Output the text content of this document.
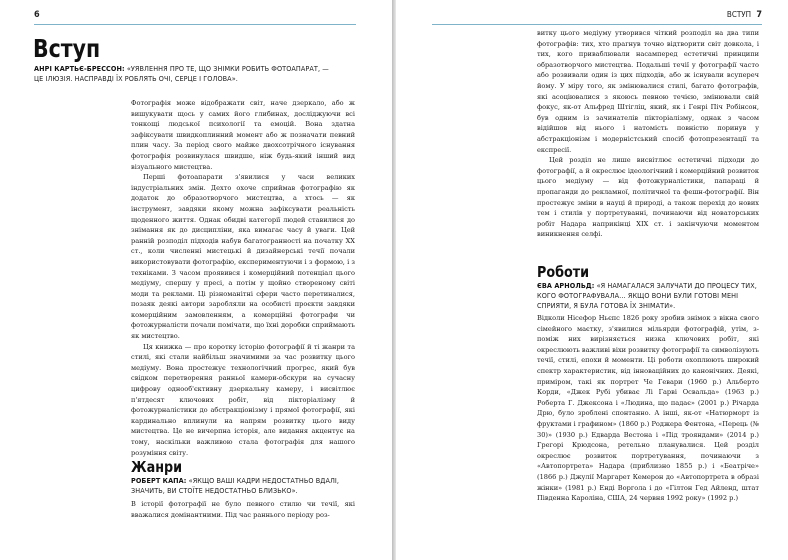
6
Вступ
АНРІ КАРТЬЄ-БРЕССОН: «УЯВЛЕННЯ ПРО ТЕ, ЩО ЗНІМКИ РОБИТЬ ФОТОАПАРАТ, — ЦЕ ІЛЮЗІЯ. НАСПРАВДІ ЇХ РОБЛЯТЬ ОЧІ, СЕРЦЕ І ГОЛОВА».

Фотографія може відображати світ, наче дзеркало, або ж вишукувати щось у самих його глибинах, досліджуючи всі тонкощі людської психології та емоцій. Вона здатна зафіксувати швидкоплинний момент або ж позначати певний плин часу. За період свого майже двохсотрічного існування фотографія розвинулася швидше, ніж будь-який інший вид візуального мистецтва.

Перші фотоапарати з'явилися у часи великих індустріальних змін. Дехто охоче сприймав фотографію як додаток до образотворчого мистецтва, а хтось — як інструмент, завдяки якому можна зафіксувати реальність щоденного життя. Однак обидві категорії людей ставилися до знімання як до дисципліни, яка вимагає часу й уваги. Цей ранній розподіл підходів набув багатогранності на початку ХХ ст., коли численні мистецькі й дизайнерські течії почали використовувати фотографію, експериментуючи і з формою, і з техніками. З часом проявився і комерційний потенціал цього медіуму, спершу у пресі, а потім у щойно створеному світі моди та реклами. Ці різноманітні сфери часто перетиналися, позаяк деякі автори заробляли на особисті проєкти завдяки комерційним замовленням, а комерційні фотографи чи фотожурналісти почали помічати, що їхні доробки сприймають як мистецтво.

Ця книжка — про коротку історію фотографії й ті жанри та стилі, які стали найбільш значимими за час розвитку цього медіуму. Вона простежує технологічний прогрес, який був свідком перетворення ранньої камери-обскури на сучасну цифрову однооб'єктивну дзеркальну камеру, і висвітлює п'ятдесят ключових робіт, від пікторіалізму й фотожурналістики до абстракціонізму і прямої фотографії, які кардинально вплинули на напрям розвитку цього виду мистецтва. Це не вичерпна історія, але видання акцентує на тому, наскільки важливою стала фотографія для нашого розуміння світу.

Жанри
РОБЕРТ КАПА: «ЯКЩО ВАШІ КАДРИ НЕДОСТАТНЬО ВДАЛІ, ЗНАЧИТЬ, ВИ СТОЇТЕ НЕДОСТАТНЬО БЛИЗЬКО».

В історії фотографії не було певного стилю чи течії, які вважалися домінантними. Під час раннього періоду роз-

ВСТУП 7

витку цього медіуму утворився чіткий розподіл на два типи фотографів: тих, хто прагнув точно відтворити світ довкола, і тих, кого приваблювали насамперед естетичні принципи образотворчого мистецтва. Подальші течії у фотографії часто або розвивали один із цих підходів, або ж існували всупереч йому. У міру того, як змінювалися стилі, багато фотографів, які асоціювалися з якоюсь певною течією, змінювали свій фокус, як-от Альфред Штігліц, який, як і Генрі Піч Робінсон, був одним із зачинателів пікторіалізму, однак з часом відійшов від нього і натомість повністю поринув у абстракціонізм і модерністський спосіб фотопрезентації та експресії.

Цей розділ не лише висвітлює естетичні підходи до фотографії, а й окреслює ідеологічний і комерційний розвиток цього медіуму — від фотожурналістики, папараці й пропаганди до рекламної, політичної та фешн-фотографії. Він простежує зміни в науці й природі, а також перехід до нових тем і стилів у портретуванні, починаючи від новаторських робіт Надара наприкінці ХІХ ст. і закінчуючи моментом виникнення селфі.

Роботи
ЄВА АРНОЛЬД: «Я НАМАГАЛАСЯ ЗАЛУЧАТИ ДО ПРОЦЕСУ ТИХ, КОГО ФОТОГРАФУВАЛА… ЯКЩО ВОНИ БУЛИ ГОТОВІ МЕНІ СПРИЯТИ, Я БУЛА ГОТОВА ЇХ ЗНІМАТИ».

Відколи Нісефор Ньєпс 1826 року зробив знімок з вікна свого сімейного маєтку, з'явилися мільярди фотографій, утім, з-поміж них вирізняється низка ключових робіт, які окреслюють важливі віхи розвитку фотографії та символізують течії, стилі, епохи й моменти. Ці роботи охоплюють широкий спектр характеристик, від інноваційних до канонічних. Деякі, приміром, такі як портрет Че Гевари (1960 р.) Альберто Корди, «Джек Рубі убиває Лі Гарві Освальда» (1963 р.) Роберта Г. Джексона і «Людина, що падає» (2001 р.) Річарда Дрю, було зроблені спонтанно. А інші, як-от «Натюрморт із фруктами і графином» (1860 р.) Роджера Фентона, «Перець (№ 30)» (1930 р.) Едварда Вестона і «Під трояндами» (2014 р.) Грегорі Крюдсона, ретельно планувалися. Цей розділ окреслює розвиток портретування, починаючи з «Автопортрета» Надара (приблизно 1855 р.) і «Беатріче» (1866 р.) Джулії Маргарет Кемерон до «Автопортрета в образі жінки» (1981 р.) Енді Воргола і до «Гілтон Гед Айленд, штат Південна Кароліна, США, 24 червня 1992 року» (1992 р.)
